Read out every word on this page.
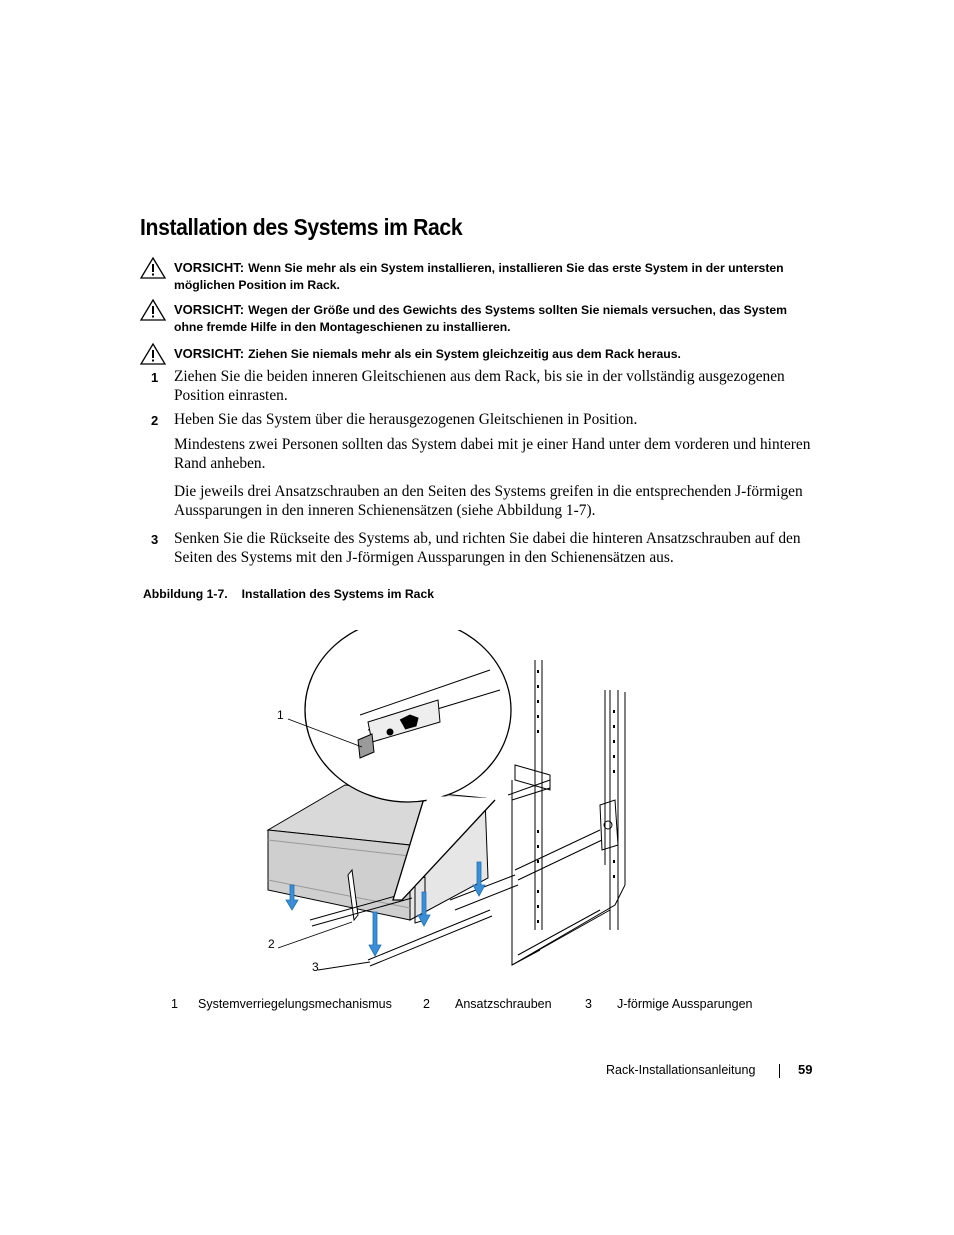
Installation des Systems im Rack
VORSICHT: Wenn Sie mehr als ein System installieren, installieren Sie das erste System in der untersten möglichen Position im Rack.
VORSICHT: Wegen der Größe und des Gewichts des Systems sollten Sie niemals versuchen, das System ohne fremde Hilfe in den Montageschienen zu installieren.
VORSICHT: Ziehen Sie niemals mehr als ein System gleichzeitig aus dem Rack heraus.
1 Ziehen Sie die beiden inneren Gleitschienen aus dem Rack, bis sie in der vollständig ausgezogenen Position einrasten.
2 Heben Sie das System über die herausgezogenen Gleitschienen in Position.
Mindestens zwei Personen sollten das System dabei mit je einer Hand unter dem vorderen und hinteren Rand anheben.
Die jeweils drei Ansatzschrauben an den Seiten des Systems greifen in die entsprechenden J-förmigen Aussparungen in den inneren Schienensätzen (siehe Abbildung 1-7).
3 Senken Sie die Rückseite des Systems ab, und richten Sie dabei die hinteren Ansatzschrauben auf den Seiten des Systems mit den J-förmigen Aussparungen in den Schienensätzen aus.
Abbildung 1-7. Installation des Systems im Rack
1
2
3
1 Systemverriegelungsmechanismus 2 Ansatzschrauben	3 J-förmige Aussparungen
Rack-Installationsanleitung	59
